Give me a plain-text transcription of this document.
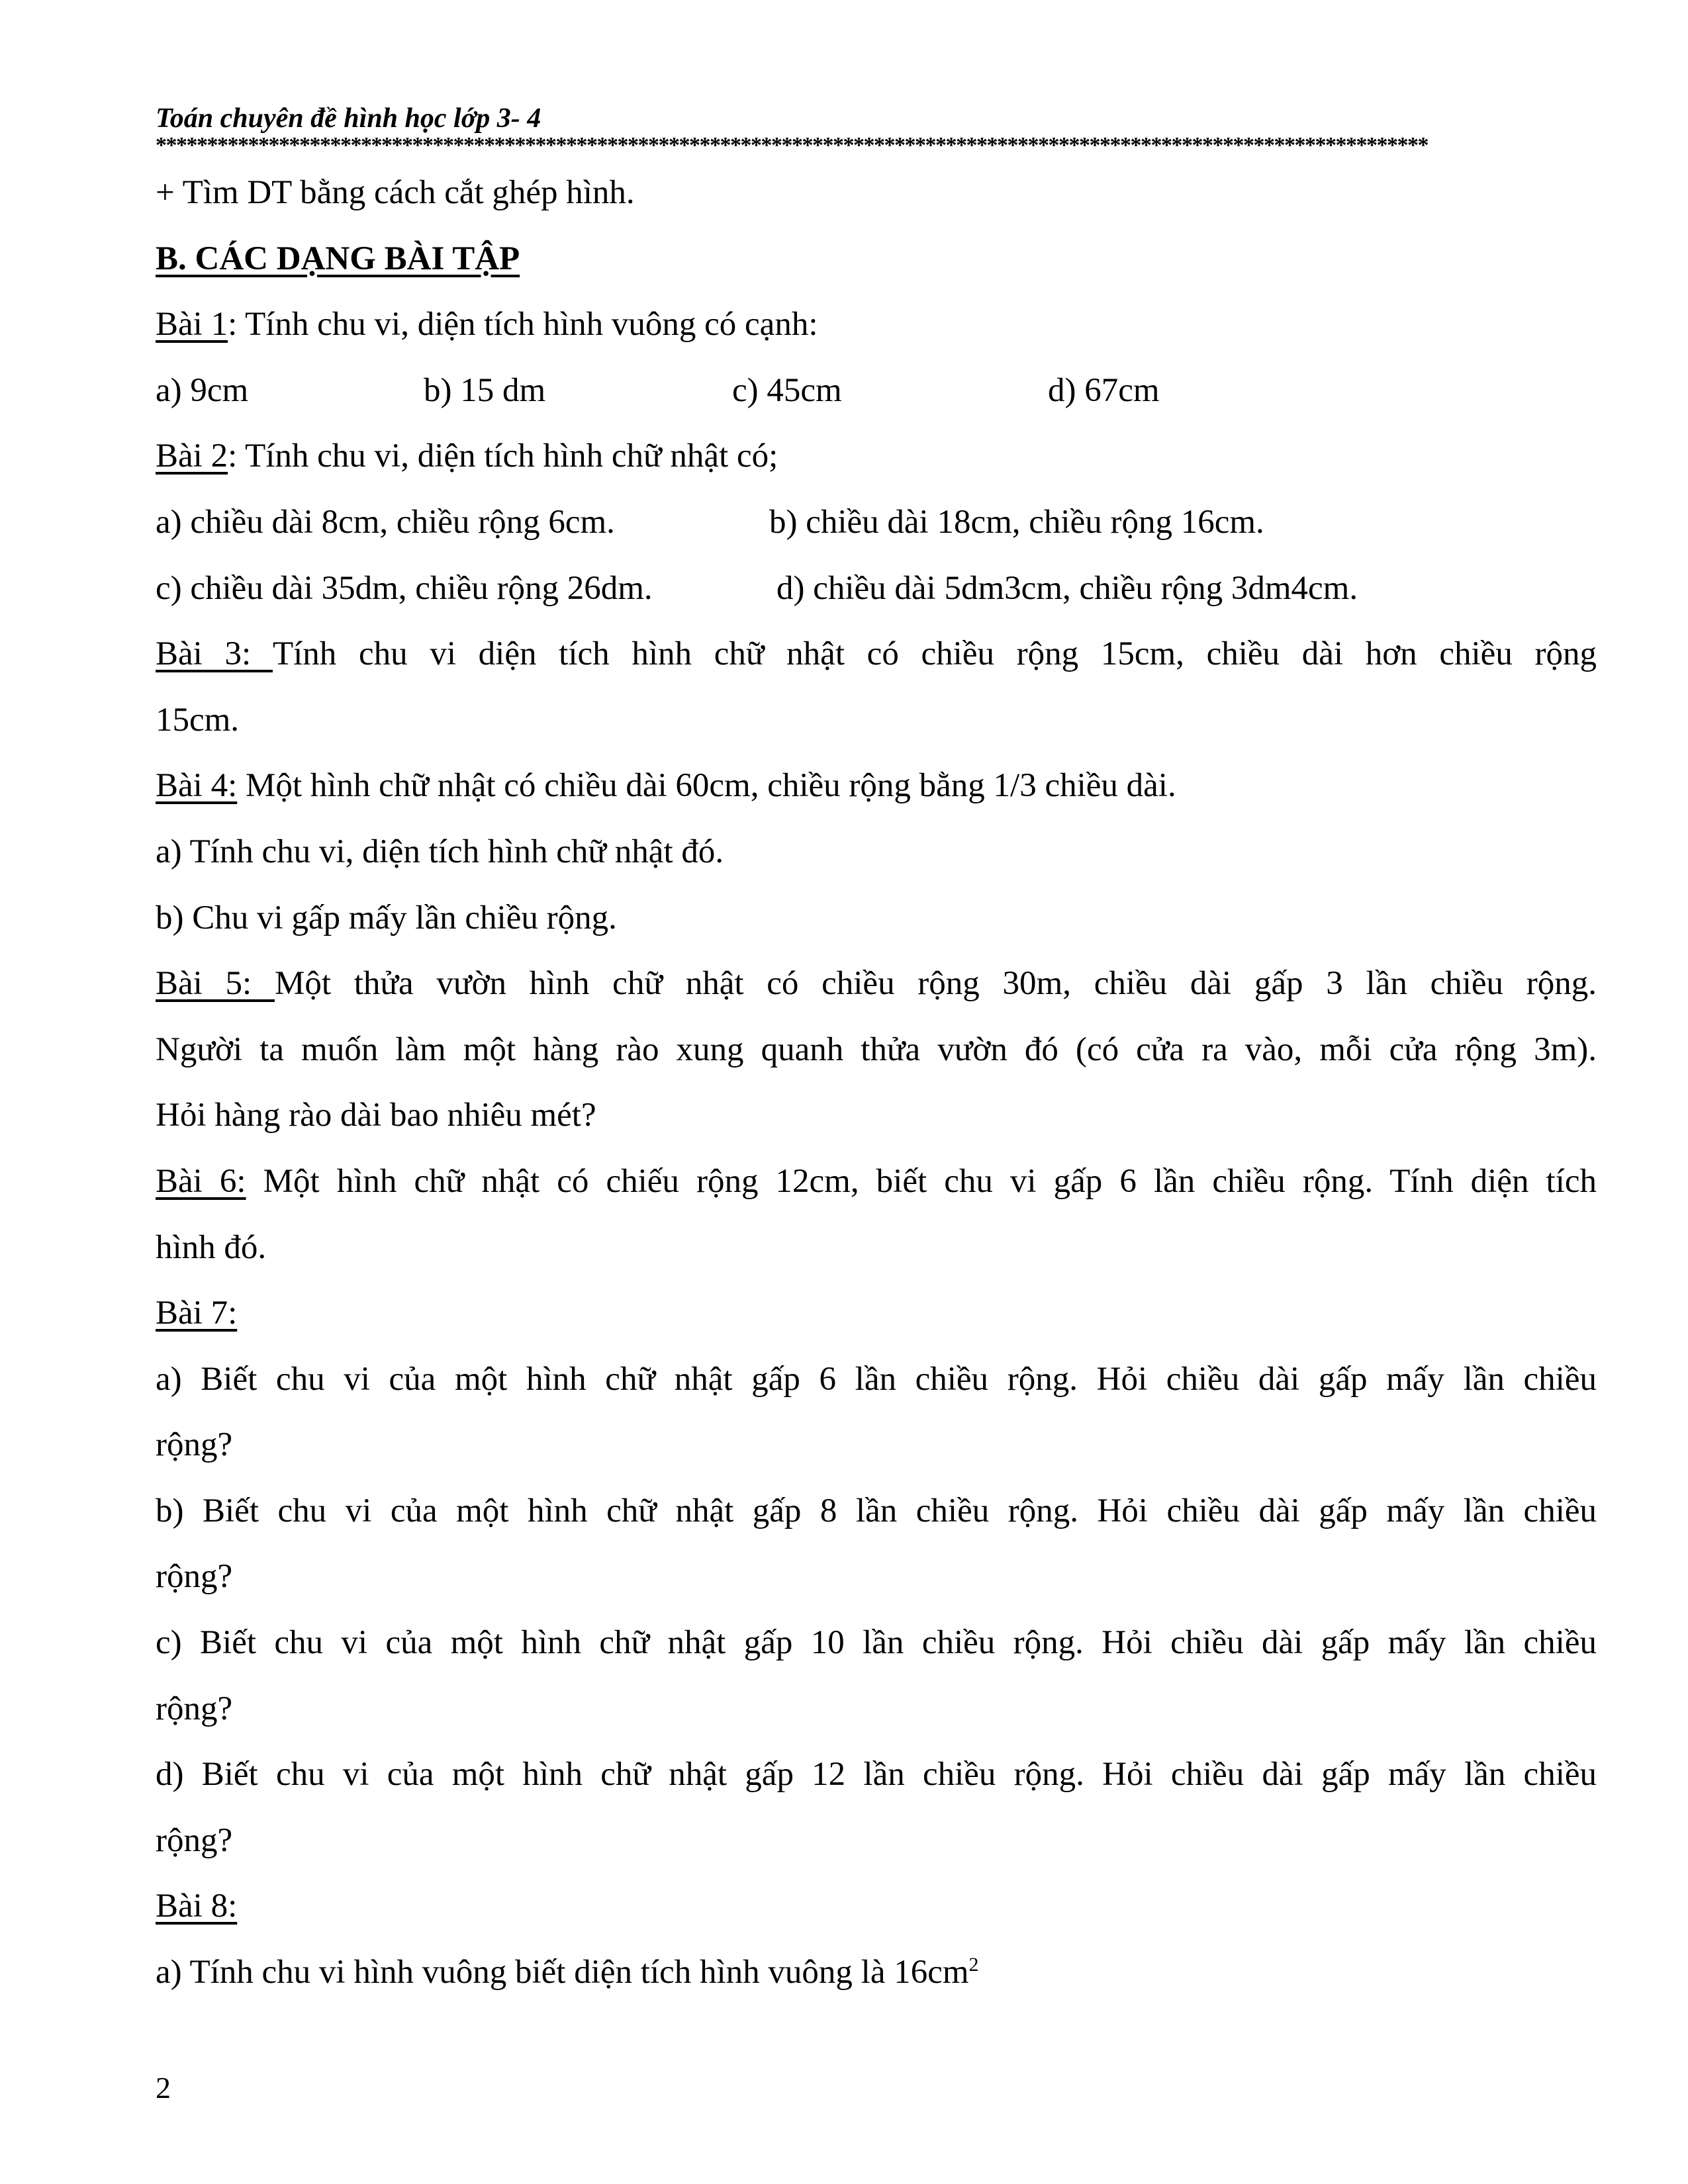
Toán chuyên đề hình học lớp 3- 4
****************************************************************************************************************************
+ Tìm DT bằng cách cắt ghép hình.
B. CÁC DẠNG BÀI TẬP
Bài 1: Tính chu vi, diện tích hình vuông có cạnh:
a) 9cm	b) 15 dm	c) 45cm	d) 67cm
Bài 2: Tính chu vi, diện tích hình chữ nhật có;
a) chiều dài 8cm, chiều rộng 6cm.	b) chiều dài 18cm, chiều rộng 16cm.
c) chiều dài 35dm, chiều rộng 26dm.	d) chiều dài 5dm3cm, chiều rộng 3dm4cm.
Bài 3: Tính chu vi diện tích hình chữ nhật có chiều rộng 15cm, chiều dài hơn chiều rộng
15cm.
Bài 4: Một hình chữ nhật có chiều dài 60cm, chiều rộng bằng 1/3 chiều dài.
a) Tính chu vi, diện tích hình chữ nhật đó.
b) Chu vi gấp mấy lần chiều rộng.
Bài 5: Một thửa vườn hình chữ nhật có chiều rộng 30m, chiều dài gấp 3 lần chiều rộng.
Người ta muốn làm một hàng rào xung quanh thửa vườn đó (có cửa ra vào, mỗi cửa rộng 3m).
Hỏi hàng rào dài bao nhiêu mét?
Bài 6: Một hình chữ nhật có chiếu rộng 12cm, biết chu vi gấp 6 lần chiều rộng. Tính diện tích
hình đó.
Bài 7:
a) Biết chu vi của một hình chữ nhật gấp 6 lần chiều rộng. Hỏi chiều dài gấp mấy lần chiều
rộng?
b) Biết chu vi của một hình chữ nhật gấp 8 lần chiều rộng. Hỏi chiều dài gấp mấy lần chiều
rộng?
c) Biết chu vi của một hình chữ nhật gấp 10 lần chiều rộng. Hỏi chiều dài gấp mấy lần chiều
rộng?
d) Biết chu vi của một hình chữ nhật gấp 12 lần chiều rộng. Hỏi chiều dài gấp mấy lần chiều
rộng?
Bài 8:
a) Tính chu vi hình vuông biết diện tích hình vuông là $16cm^2$
2
